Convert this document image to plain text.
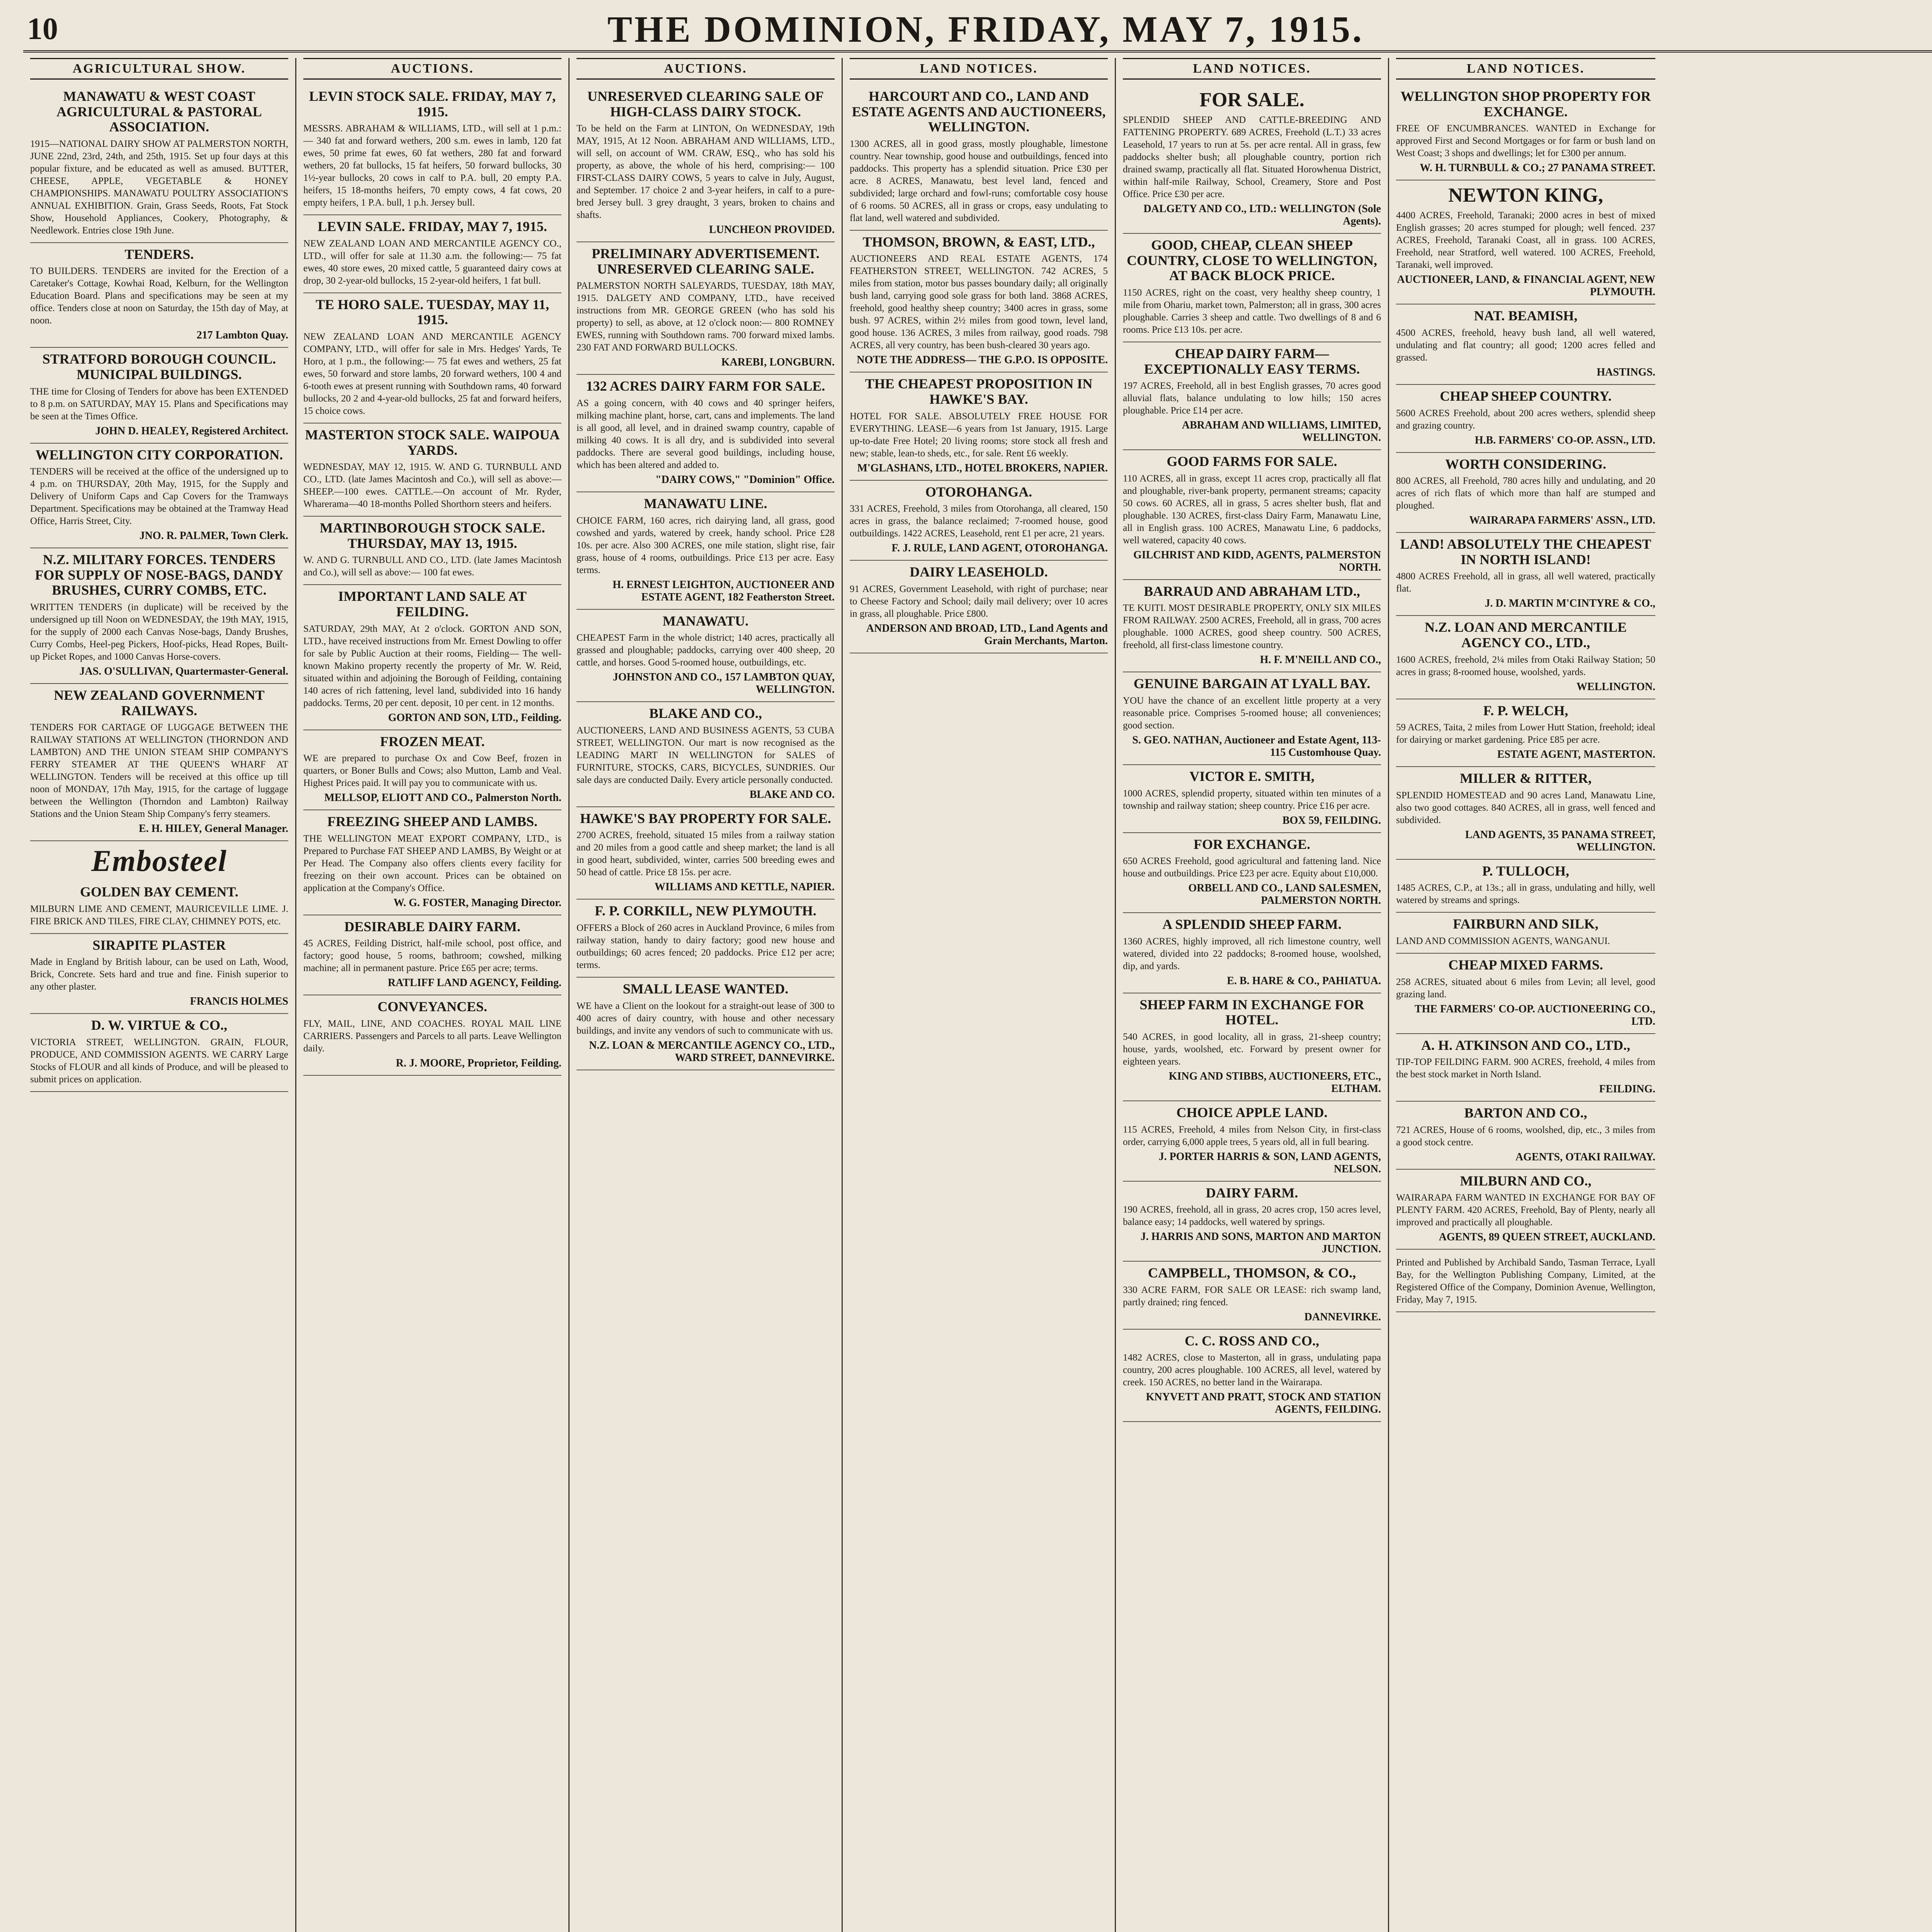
10	THE DOMINION, FRIDAY, MAY 7, 1915.
AGRICULTURAL SHOW.
MANAWATU & WEST COAST AGRICULTURAL & PASTORAL ASSOCIATION.
1915—NATIONAL DAIRY SHOW AT PALMERSTON NORTH, JUNE 22nd, 23rd, 24th, and 25th, 1915. Set up four days at this popular fixture, and be educated as well as amused. BUTTER, CHEESE, APPLE, VEGETABLE & HONEY CHAMPIONSHIPS. MANAWATU POULTRY ASSOCIATION'S ANNUAL EXHIBITION. Grain, Grass Seeds, Roots, Fat Stock Show, Household Appliances, Cookery, Photography, & Needlework. Entries close 19th June.
TENDERS.
TO BUILDERS. TENDERS are invited for the Erection of a Caretaker's Cottage, Kowhai Road, Kelburn, for the Wellington Education Board. Plans and specifications may be seen at my office. Tenders close at noon on Saturday, the 15th day of May, at noon.
217 Lambton Quay.
STRATFORD BOROUGH COUNCIL. MUNICIPAL BUILDINGS.
THE time for Closing of Tenders for above has been EXTENDED to 8 p.m. on SATURDAY, MAY 15. Plans and Specifications may be seen at the Times Office.
JOHN D. HEALEY, Registered Architect.
WELLINGTON CITY CORPORATION.
TENDERS will be received at the office of the undersigned up to 4 p.m. on THURSDAY, 20th May, 1915, for the Supply and Delivery of Uniform Caps and Cap Covers for the Tramways Department. Specifications may be obtained at the Tramway Head Office, Harris Street, City.
JNO. R. PALMER, Town Clerk.
N.Z. MILITARY FORCES. TENDERS FOR SUPPLY OF NOSE-BAGS, DANDY BRUSHES, CURRY COMBS, ETC.
WRITTEN TENDERS (in duplicate) will be received by the undersigned up till Noon on WEDNESDAY, the 19th MAY, 1915, for the supply of 2000 each Canvas Nose-bags, Dandy Brushes, Curry Combs, Heel-peg Pickers, Hoof-picks, Head Ropes, Built-up Picket Ropes, and 1000 Canvas Horse-covers.
JAS. O'SULLIVAN, Quartermaster-General.
NEW ZEALAND GOVERNMENT RAILWAYS.
TENDERS FOR CARTAGE OF LUGGAGE BETWEEN THE RAILWAY STATIONS AT WELLINGTON (THORNDON AND LAMBTON) AND THE UNION STEAM SHIP COMPANY'S FERRY STEAMER AT THE QUEEN'S WHARF AT WELLINGTON. Tenders will be received at this office up till noon of MONDAY, 17th May, 1915, for the cartage of luggage between the Wellington (Thorndon and Lambton) Railway Stations and the Union Steam Ship Company's ferry steamers.
E. H. HILEY, General Manager.
Embosteel
GOLDEN BAY CEMENT.
MILBURN LIME AND CEMENT, MAURICEVILLE LIME. J. FIRE BRICK AND TILES, FIRE CLAY, CHIMNEY POTS, etc.
SIRAPITE PLASTER
Made in England by British labour, can be used on Lath, Wood, Brick, Concrete. Sets hard and true and fine. Finish superior to any other plaster.
FRANCIS HOLMES
D. W. VIRTUE & CO.,
VICTORIA STREET, WELLINGTON. GRAIN, FLOUR, PRODUCE, AND COMMISSION AGENTS. WE CARRY Large Stocks of FLOUR and all kinds of Produce, and will be pleased to submit prices on application.
AUCTIONS.
LEVIN STOCK SALE. FRIDAY, MAY 7, 1915.
MESSRS. ABRAHAM & WILLIAMS, LTD., will sell at 1 p.m.:— 340 fat and forward wethers, 200 s.m. ewes in lamb, 120 fat ewes, 50 prime fat ewes, 60 fat wethers, 280 fat and forward wethers, 20 fat bullocks, 15 fat heifers, 50 forward bullocks, 30 1½-year bullocks, 20 cows in calf to P.A. bull, 20 empty P.A. heifers, 15 18-months heifers, 70 empty cows, 4 fat cows, 20 empty heifers, 1 P.A. bull, 1 p.h. Jersey bull.
LEVIN SALE. FRIDAY, MAY 7, 1915.
NEW ZEALAND LOAN AND MERCANTILE AGENCY CO., LTD., will offer for sale at 11.30 a.m. the following:— 75 fat ewes, 40 store ewes, 20 mixed cattle, 5 guaranteed dairy cows at drop, 30 2-year-old bullocks, 15 2-year-old heifers, 1 fat bull.
TE HORO SALE. TUESDAY, MAY 11, 1915.
NEW ZEALAND LOAN AND MERCANTILE AGENCY COMPANY, LTD., will offer for sale in Mrs. Hedges' Yards, Te Horo, at 1 p.m., the following:— 75 fat ewes and wethers, 25 fat ewes, 50 forward and store lambs, 20 forward wethers, 100 4 and 6-tooth ewes at present running with Southdown rams, 40 forward bullocks, 20 2 and 4-year-old bullocks, 25 fat and forward heifers, 15 choice cows.
MASTERTON STOCK SALE. WAIPOUA YARDS.
WEDNESDAY, MAY 12, 1915. W. AND G. TURNBULL AND CO., LTD. (late James Macintosh and Co.), will sell as above:— SHEEP.—100 ewes. CATTLE.—On account of Mr. Ryder, Wharerama—40 18-months Polled Shorthorn steers and heifers.
MARTINBOROUGH STOCK SALE. THURSDAY, MAY 13, 1915.
W. AND G. TURNBULL AND CO., LTD. (late James Macintosh and Co.), will sell as above:— 100 fat ewes.
IMPORTANT LAND SALE AT FEILDING.
SATURDAY, 29th MAY, At 2 o'clock. GORTON AND SON, LTD., have received instructions from Mr. Ernest Dowling to offer for sale by Public Auction at their rooms, Fielding— The well-known Makino property recently the property of Mr. W. Reid, situated within and adjoining the Borough of Feilding, containing 140 acres of rich fattening, level land, subdivided into 16 handy paddocks. Terms, 20 per cent. deposit, 10 per cent. in 12 months.
GORTON AND SON, LTD., Feilding.
FROZEN MEAT.
WE are prepared to purchase Ox and Cow Beef, frozen in quarters, or Boner Bulls and Cows; also Mutton, Lamb and Veal. Highest Prices paid. It will pay you to communicate with us.
MELLSOP, ELIOTT AND CO., Palmerston North.
FREEZING SHEEP AND LAMBS.
THE WELLINGTON MEAT EXPORT COMPANY, LTD., is Prepared to Purchase FAT SHEEP AND LAMBS, By Weight or at Per Head. The Company also offers clients every facility for freezing on their own account. Prices can be obtained on application at the Company's Office.
W. G. FOSTER, Managing Director.
DESIRABLE DAIRY FARM.
45 ACRES, Feilding District, half-mile school, post office, and factory; good house, 5 rooms, bathroom; cowshed, milking machine; all in permanent pasture. Price £65 per acre; terms.
RATLIFF LAND AGENCY, Feilding.
CONVEYANCES.
FLY, MAIL, LINE, AND COACHES. ROYAL MAIL LINE CARRIERS. Passengers and Parcels to all parts. Leave Wellington daily.
R. J. MOORE, Proprietor, Feilding.
AUCTIONS.
UNRESERVED CLEARING SALE OF HIGH-CLASS DAIRY STOCK.
To be held on the Farm at LINTON, On WEDNESDAY, 19th MAY, 1915, At 12 Noon. ABRAHAM AND WILLIAMS, LTD., will sell, on account of WM. CRAW, ESQ., who has sold his property, as above, the whole of his herd, comprising:— 100 FIRST-CLASS DAIRY COWS, 5 years to calve in July, August, and September. 17 choice 2 and 3-year heifers, in calf to a pure-bred Jersey bull. 3 grey draught, 3 years, broken to chains and shafts.
LUNCHEON PROVIDED.
PRELIMINARY ADVERTISEMENT. UNRESERVED CLEARING SALE.
PALMERSTON NORTH SALEYARDS, TUESDAY, 18th MAY, 1915. DALGETY AND COMPANY, LTD., have received instructions from MR. GEORGE GREEN (who has sold his property) to sell, as above, at 12 o'clock noon:— 800 ROMNEY EWES, running with Southdown rams. 700 forward mixed lambs. 230 FAT AND FORWARD BULLOCKS.
KAREBI, LONGBURN.
132 ACRES DAIRY FARM FOR SALE.
AS a going concern, with 40 cows and 40 springer heifers, milking machine plant, horse, cart, cans and implements. The land is all good, all level, and in drained swamp country, capable of milking 40 cows. It is all dry, and is subdivided into several paddocks. There are several good buildings, including house, which has been altered and added to.
"DAIRY COWS," "Dominion" Office.
MANAWATU LINE.
CHOICE FARM, 160 acres, rich dairying land, all grass, good cowshed and yards, watered by creek, handy school. Price £28 10s. per acre. Also 300 ACRES, one mile station, slight rise, fair grass, house of 4 rooms, outbuildings. Price £13 per acre. Easy terms.
H. ERNEST LEIGHTON, AUCTIONEER AND ESTATE AGENT, 182 Featherston Street.
MANAWATU.
CHEAPEST Farm in the whole district; 140 acres, practically all grassed and ploughable; paddocks, carrying over 400 sheep, 20 cattle, and horses. Good 5-roomed house, outbuildings, etc.
JOHNSTON AND CO., 157 LAMBTON QUAY, WELLINGTON.
BLAKE AND CO.,
AUCTIONEERS, LAND AND BUSINESS AGENTS, 53 CUBA STREET, WELLINGTON. Our mart is now recognised as the LEADING MART IN WELLINGTON for SALES of FURNITURE, STOCKS, CARS, BICYCLES, SUNDRIES. Our sale days are conducted Daily. Every article personally conducted.
BLAKE AND CO.
HAWKE'S BAY PROPERTY FOR SALE.
2700 ACRES, freehold, situated 15 miles from a railway station and 20 miles from a good cattle and sheep market; the land is all in good heart, subdivided, winter, carries 500 breeding ewes and 50 head of cattle. Price £8 15s. per acre.
WILLIAMS AND KETTLE, NAPIER.
F. P. CORKILL, NEW PLYMOUTH.
OFFERS a Block of 260 acres in Auckland Province, 6 miles from railway station, handy to dairy factory; good new house and outbuildings; 60 acres fenced; 20 paddocks. Price £12 per acre; terms.
SMALL LEASE WANTED.
WE have a Client on the lookout for a straight-out lease of 300 to 400 acres of dairy country, with house and other necessary buildings, and invite any vendors of such to communicate with us.
N.Z. LOAN & MERCANTILE AGENCY CO., LTD., WARD STREET, DANNEVIRKE.
LAND NOTICES.
HARCOURT AND CO., LAND AND ESTATE AGENTS AND AUCTIONEERS, WELLINGTON.
1300 ACRES, all in good grass, mostly ploughable, limestone country. Near township, good house and outbuildings, fenced into paddocks. This property has a splendid situation. Price £30 per acre. 8 ACRES, Manawatu, best level land, fenced and subdivided; large orchard and fowl-runs; comfortable cosy house of 6 rooms. 50 ACRES, all in grass or crops, easy undulating to flat land, well watered and subdivided.
THOMSON, BROWN, & EAST, LTD.,
AUCTIONEERS AND REAL ESTATE AGENTS, 174 FEATHERSTON STREET, WELLINGTON. 742 ACRES, 5 miles from station, motor bus passes boundary daily; all originally bush land, carrying good sole grass for both land. 3868 ACRES, freehold, good healthy sheep country; 3400 acres in grass, some bush. 97 ACRES, within 2½ miles from good town, level land, good house. 136 ACRES, 3 miles from railway, good roads. 798 ACRES, all very country, has been bush-cleared 30 years ago.
NOTE THE ADDRESS— THE G.P.O. IS OPPOSITE.
THE CHEAPEST PROPOSITION IN HAWKE'S BAY.
HOTEL FOR SALE. ABSOLUTELY FREE HOUSE FOR EVERYTHING. LEASE—6 years from 1st January, 1915. Large up-to-date Free Hotel; 20 living rooms; store stock all fresh and new; stable, lean-to sheds, etc., for sale. Rent £6 weekly.
M'GLASHANS, LTD., HOTEL BROKERS, NAPIER.
OTOROHANGA.
331 ACRES, Freehold, 3 miles from Otorohanga, all cleared, 150 acres in grass, the balance reclaimed; 7-roomed house, good outbuildings. 1422 ACRES, Leasehold, rent £1 per acre, 21 years.
F. J. RULE, LAND AGENT, OTOROHANGA.
DAIRY LEASEHOLD.
91 ACRES, Government Leasehold, with right of purchase; near to Cheese Factory and School; daily mail delivery; over 10 acres in grass, all ploughable. Price £800.
ANDERSON AND BROAD, LTD., Land Agents and Grain Merchants, Marton.
LAND NOTICES.
FOR SALE.
SPLENDID SHEEP AND CATTLE-BREEDING AND FATTENING PROPERTY. 689 ACRES, Freehold (L.T.) 33 acres Leasehold, 17 years to run at 5s. per acre rental. All in grass, few paddocks shelter bush; all ploughable country, portion rich drained swamp, practically all flat. Situated Horowhenua District, within half-mile Railway, School, Creamery, Store and Post Office. Price £30 per acre.
DALGETY AND CO., LTD.: WELLINGTON (Sole Agents).
GOOD, CHEAP, CLEAN SHEEP COUNTRY, CLOSE TO WELLINGTON, AT BACK BLOCK PRICE.
1150 ACRES, right on the coast, very healthy sheep country, 1 mile from Ohariu, market town, Palmerston; all in grass, 300 acres ploughable. Carries 3 sheep and cattle. Two dwellings of 8 and 6 rooms. Price £13 10s. per acre.
CHEAP DAIRY FARM—EXCEPTIONALLY EASY TERMS.
197 ACRES, Freehold, all in best English grasses, 70 acres good alluvial flats, balance undulating to low hills; 150 acres ploughable. Price £14 per acre.
ABRAHAM AND WILLIAMS, LIMITED, WELLINGTON.
GOOD FARMS FOR SALE.
110 ACRES, all in grass, except 11 acres crop, practically all flat and ploughable, river-bank property, permanent streams; capacity 50 cows. 60 ACRES, all in grass, 5 acres shelter bush, flat and ploughable. 130 ACRES, first-class Dairy Farm, Manawatu Line, all in English grass. 100 ACRES, Manawatu Line, 6 paddocks, well watered, capacity 40 cows.
GILCHRIST AND KIDD, AGENTS, PALMERSTON NORTH.
BARRAUD AND ABRAHAM LTD.,
TE KUITI. MOST DESIRABLE PROPERTY, ONLY SIX MILES FROM RAILWAY. 2500 ACRES, Freehold, all in grass, 700 acres ploughable. 1000 ACRES, good sheep country. 500 ACRES, freehold, all first-class limestone country.
H. F. M'NEILL AND CO.,
GENUINE BARGAIN AT LYALL BAY.
YOU have the chance of an excellent little property at a very reasonable price. Comprises 5-roomed house; all conveniences; good section.
S. GEO. NATHAN, Auctioneer and Estate Agent, 113-115 Customhouse Quay.
VICTOR E. SMITH,
1000 ACRES, splendid property, situated within ten minutes of a township and railway station; sheep country. Price £16 per acre.
BOX 59, FEILDING.
FOR EXCHANGE.
650 ACRES Freehold, good agricultural and fattening land. Nice house and outbuildings. Price £23 per acre. Equity about £10,000.
ORBELL AND CO., LAND SALESMEN, PALMERSTON NORTH.
A SPLENDID SHEEP FARM.
1360 ACRES, highly improved, all rich limestone country, well watered, divided into 22 paddocks; 8-roomed house, woolshed, dip, and yards.
E. B. HARE & CO., PAHIATUA.
SHEEP FARM IN EXCHANGE FOR HOTEL.
540 ACRES, in good locality, all in grass, 21-sheep country; house, yards, woolshed, etc. Forward by present owner for eighteen years.
KING AND STIBBS, AUCTIONEERS, ETC., ELTHAM.
CHOICE APPLE LAND.
115 ACRES, Freehold, 4 miles from Nelson City, in first-class order, carrying 6,000 apple trees, 5 years old, all in full bearing.
J. PORTER HARRIS & SON, LAND AGENTS, NELSON.
DAIRY FARM.
190 ACRES, freehold, all in grass, 20 acres crop, 150 acres level, balance easy; 14 paddocks, well watered by springs.
J. HARRIS AND SONS, MARTON AND MARTON JUNCTION.
CAMPBELL, THOMSON, & CO.,
330 ACRE FARM, FOR SALE OR LEASE: rich swamp land, partly drained; ring fenced.
DANNEVIRKE.
C. C. ROSS AND CO.,
1482 ACRES, close to Masterton, all in grass, undulating papa country, 200 acres ploughable. 100 ACRES, all level, watered by creek. 150 ACRES, no better land in the Wairarapa.
KNYVETT AND PRATT, STOCK AND STATION AGENTS, FEILDING.
LAND NOTICES.
WELLINGTON SHOP PROPERTY FOR EXCHANGE.
FREE OF ENCUMBRANCES. WANTED in Exchange for approved First and Second Mortgages or for farm or bush land on West Coast; 3 shops and dwellings; let for £300 per annum.
W. H. TURNBULL & CO.; 27 PANAMA STREET.
NEWTON KING,
4400 ACRES, Freehold, Taranaki; 2000 acres in best of mixed English grasses; 20 acres stumped for plough; well fenced. 237 ACRES, Freehold, Taranaki Coast, all in grass. 100 ACRES, Freehold, near Stratford, well watered. 100 ACRES, Freehold, Taranaki, well improved.
AUCTIONEER, LAND, & FINANCIAL AGENT, NEW PLYMOUTH.
NAT. BEAMISH,
4500 ACRES, freehold, heavy bush land, all well watered, undulating and flat country; all good; 1200 acres felled and grassed.
HASTINGS.
CHEAP SHEEP COUNTRY.
5600 ACRES Freehold, about 200 acres wethers, splendid sheep and grazing country.
H.B. FARMERS' CO-OP. ASSN., LTD.
WORTH CONSIDERING.
800 ACRES, all Freehold, 780 acres hilly and undulating, and 20 acres of rich flats of which more than half are stumped and ploughed.
WAIRARAPA FARMERS' ASSN., LTD.
LAND! ABSOLUTELY THE CHEAPEST IN NORTH ISLAND!
4800 ACRES Freehold, all in grass, all well watered, practically flat.
J. D. MARTIN M'CINTYRE & CO.,
N.Z. LOAN AND MERCANTILE AGENCY CO., LTD.,
1600 ACRES, freehold, 2¼ miles from Otaki Railway Station; 50 acres in grass; 8-roomed house, woolshed, yards.
WELLINGTON.
F. P. WELCH,
59 ACRES, Taita, 2 miles from Lower Hutt Station, freehold; ideal for dairying or market gardening. Price £85 per acre.
ESTATE AGENT, MASTERTON.
MILLER & RITTER,
SPLENDID HOMESTEAD and 90 acres Land, Manawatu Line, also two good cottages. 840 ACRES, all in grass, well fenced and subdivided.
LAND AGENTS, 35 PANAMA STREET, WELLINGTON.
P. TULLOCH,
1485 ACRES, C.P., at 13s.; all in grass, undulating and hilly, well watered by streams and springs.
FAIRBURN AND SILK,
LAND AND COMMISSION AGENTS, WANGANUI.
CHEAP MIXED FARMS.
258 ACRES, situated about 6 miles from Levin; all level, good grazing land.
THE FARMERS' CO-OP. AUCTIONEERING CO., LTD.
A. H. ATKINSON AND CO., LTD.,
TIP-TOP FEILDING FARM. 900 ACRES, freehold, 4 miles from the best stock market in North Island.
FEILDING.
BARTON AND CO.,
721 ACRES, House of 6 rooms, woolshed, dip, etc., 3 miles from a good stock centre.
AGENTS, OTAKI RAILWAY.
MILBURN AND CO.,
WAIRARAPA FARM WANTED IN EXCHANGE FOR BAY OF PLENTY FARM. 420 ACRES, Freehold, Bay of Plenty, nearly all improved and practically all ploughable.
AGENTS, 89 QUEEN STREET, AUCKLAND.
Printed and Published by Archibald Sando, Tasman Terrace, Lyall Bay, for the Wellington Publishing Company, Limited, at the Registered Office of the Company, Dominion Avenue, Wellington, Friday, May 7, 1915.
